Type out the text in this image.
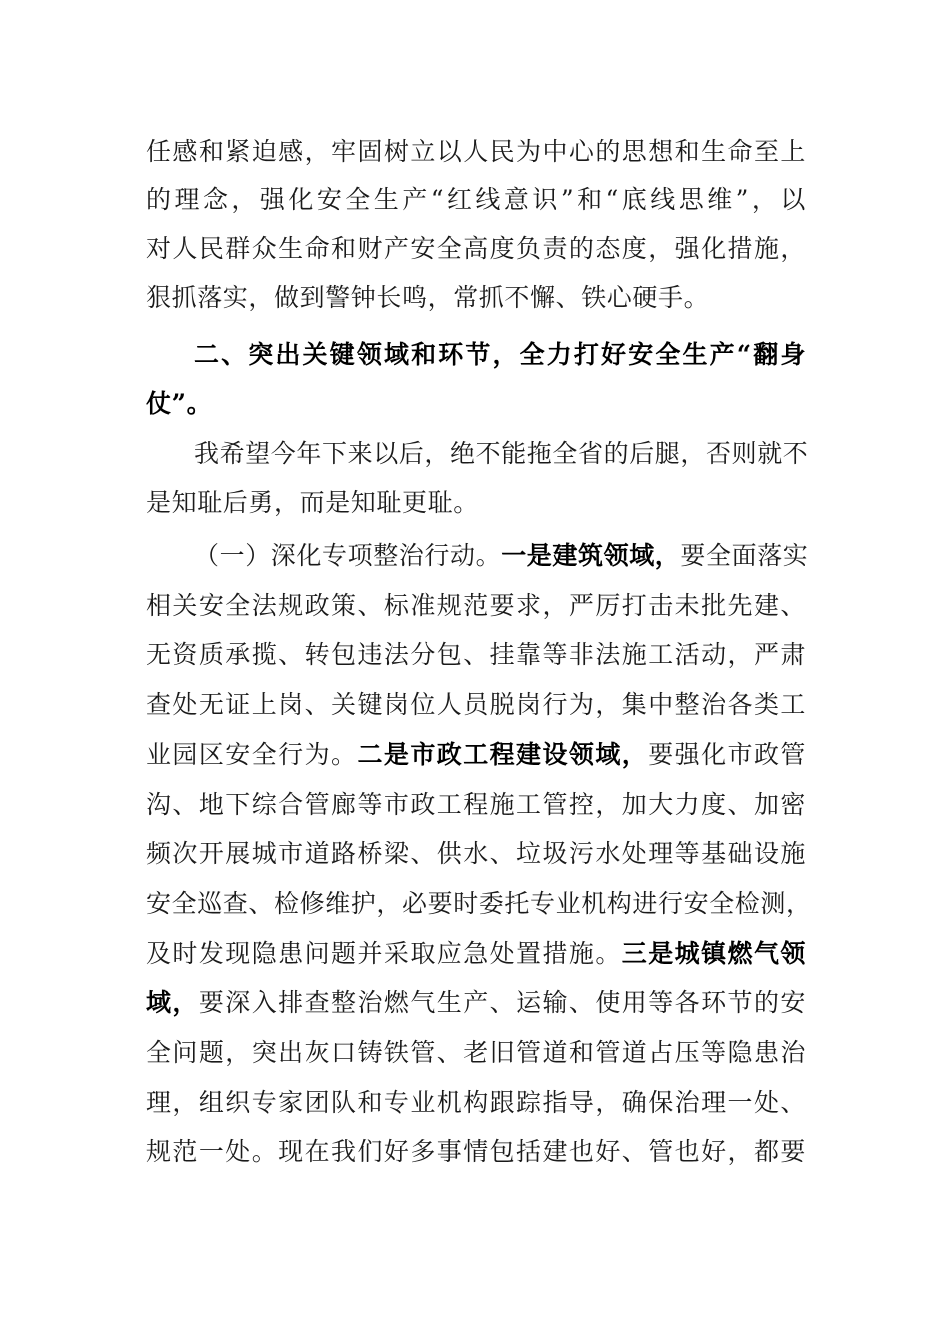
任感和紧迫感，牢固树立以人民为中心的思想和生命至上
的理念，强化安全生产“红线意识”和“底线思维”，以
对人民群众生命和财产安全高度负责的态度，强化措施，
狠抓落实，做到警钟长鸣，常抓不懈、铁心硬手。
二、突出关键领域和环节，全力打好安全生产“翻身
仗”。
我希望今年下来以后，绝不能拖全省的后腿，否则就不
是知耻后勇，而是知耻更耻。
（一）深化专项整治行动。一是建筑领域，要全面落实
相关安全法规政策、标准规范要求，严厉打击未批先建、
无资质承揽、转包违法分包、挂靠等非法施工活动，严肃
查处无证上岗、关键岗位人员脱岗行为，集中整治各类工
业园区安全行为。二是市政工程建设领域，要强化市政管
沟、地下综合管廊等市政工程施工管控，加大力度、加密
频次开展城市道路桥梁、供水、垃圾污水处理等基础设施
安全巡查、检修维护，必要时委托专业机构进行安全检测，
及时发现隐患问题并采取应急处置措施。三是城镇燃气领
域，要深入排查整治燃气生产、运输、使用等各环节的安
全问题，突出灰口铸铁管、老旧管道和管道占压等隐患治
理，组织专家团队和专业机构跟踪指导，确保治理一处、
规范一处。现在我们好多事情包括建也好、管也好，都要
